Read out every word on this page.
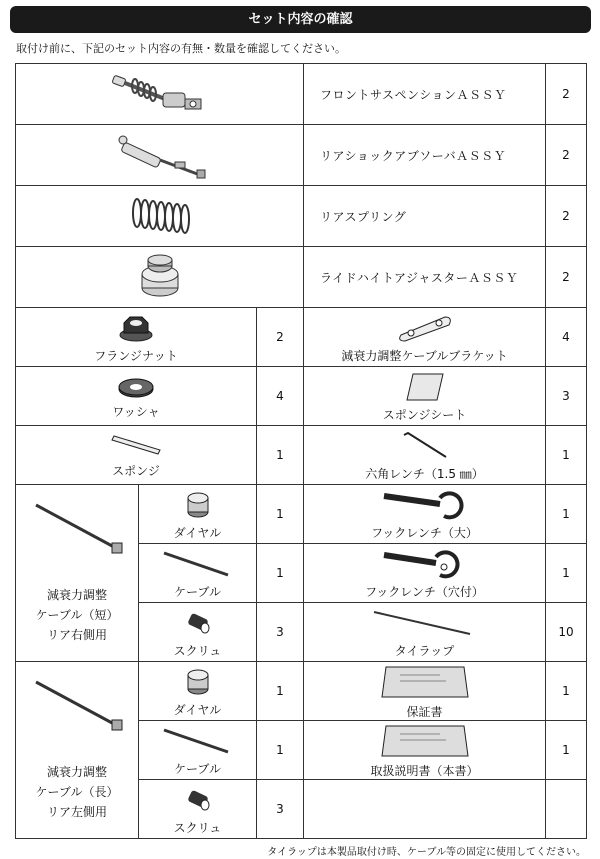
セット内容の確認
取付け前に、下記のセット内容の有無・数量を確認してください。
	フロントサスペンションＡＳＳＹ	2

	リアショックアブソーバＡＳＳＹ	2

	リアスプリング	2

	ライドハイトアジャスターＡＳＳＹ	2

フランジナット		2	減衰力調整ケーブルブラケット	4

ワッシャ		4	スポンジシート	3

スポンジ		1	六角レンチ（1.5 ㎜）	1

減衰力調整
ケーブル（短）
リア右側用	ダイヤル	1	フックレンチ（大）	1

ケーブル	1	フックレンチ（穴付）	1

スクリュ	3	タイラップ	10

減衰力調整
ケーブル（長）
リア左側用	ダイヤル	1	保証書	1

ケーブル	1	取扱説明書（本書）	1

スクリュ	3		
タイラップは本製品取付け時、ケーブル等の固定に使用してください。
